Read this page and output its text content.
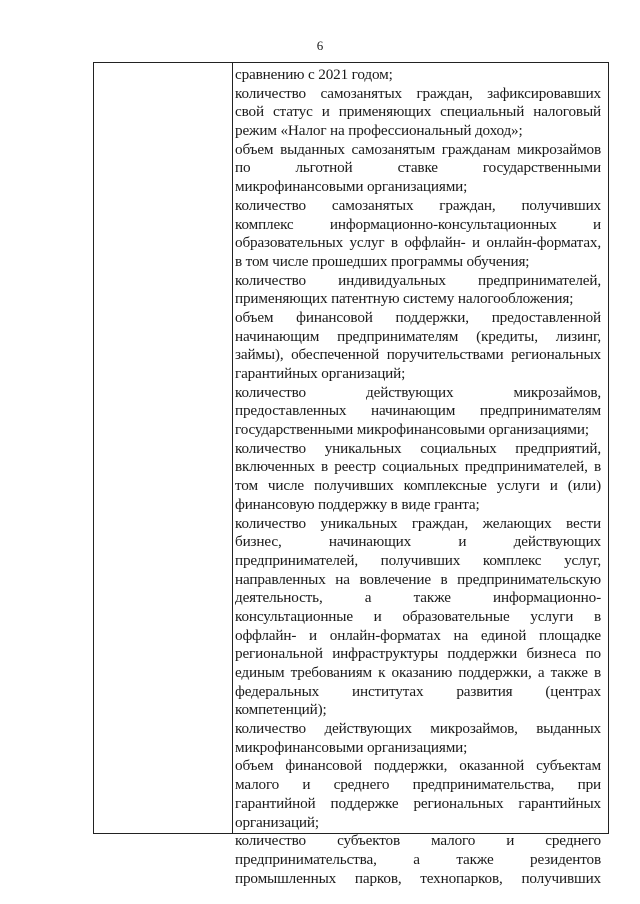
6
сравнению с 2021 годом;
количество самозанятых граждан, зафиксировавших
свой статус и применяющих специальный налоговый
режим «Налог на профессиональный доход»;
объем выданных самозанятым гражданам микрозаймов
по льготной ставке государственными
микрофинансовыми организациями;
количество самозанятых граждан, получивших
комплекс информационно-консультационных и
образовательных услуг в оффлайн- и онлайн-форматах,
в том числе прошедших программы обучения;
количество индивидуальных предпринимателей,
применяющих патентную систему налогообложения;
объем финансовой поддержки, предоставленной
начинающим предпринимателям (кредиты, лизинг,
займы), обеспеченной поручительствами региональных
гарантийных организаций;
количество действующих микрозаймов,
предоставленных начинающим предпринимателям
государственными микрофинансовыми организациями;
количество уникальных социальных предприятий,
включенных в реестр социальных предпринимателей, в
том числе получивших комплексные услуги и (или)
финансовую поддержку в виде гранта;
количество уникальных граждан, желающих вести
бизнес, начинающих и действующих
предпринимателей, получивших комплекс услуг,
направленных на вовлечение в предпринимательскую
деятельность, а также информационно-
консультационные и образовательные услуги в
оффлайн- и онлайн-форматах на единой площадке
региональной инфраструктуры поддержки бизнеса по
единым требованиям к оказанию поддержки, а также в
федеральных институтах развития (центрах
компетенций);
количество действующих микрозаймов, выданных
микрофинансовыми организациями;
объем финансовой поддержки, оказанной субъектам
малого и среднего предпринимательства, при
гарантийной поддержке региональных гарантийных
организаций;
количество субъектов малого и среднего
предпринимательства, а также резидентов
промышленных парков, технопарков, получивших
